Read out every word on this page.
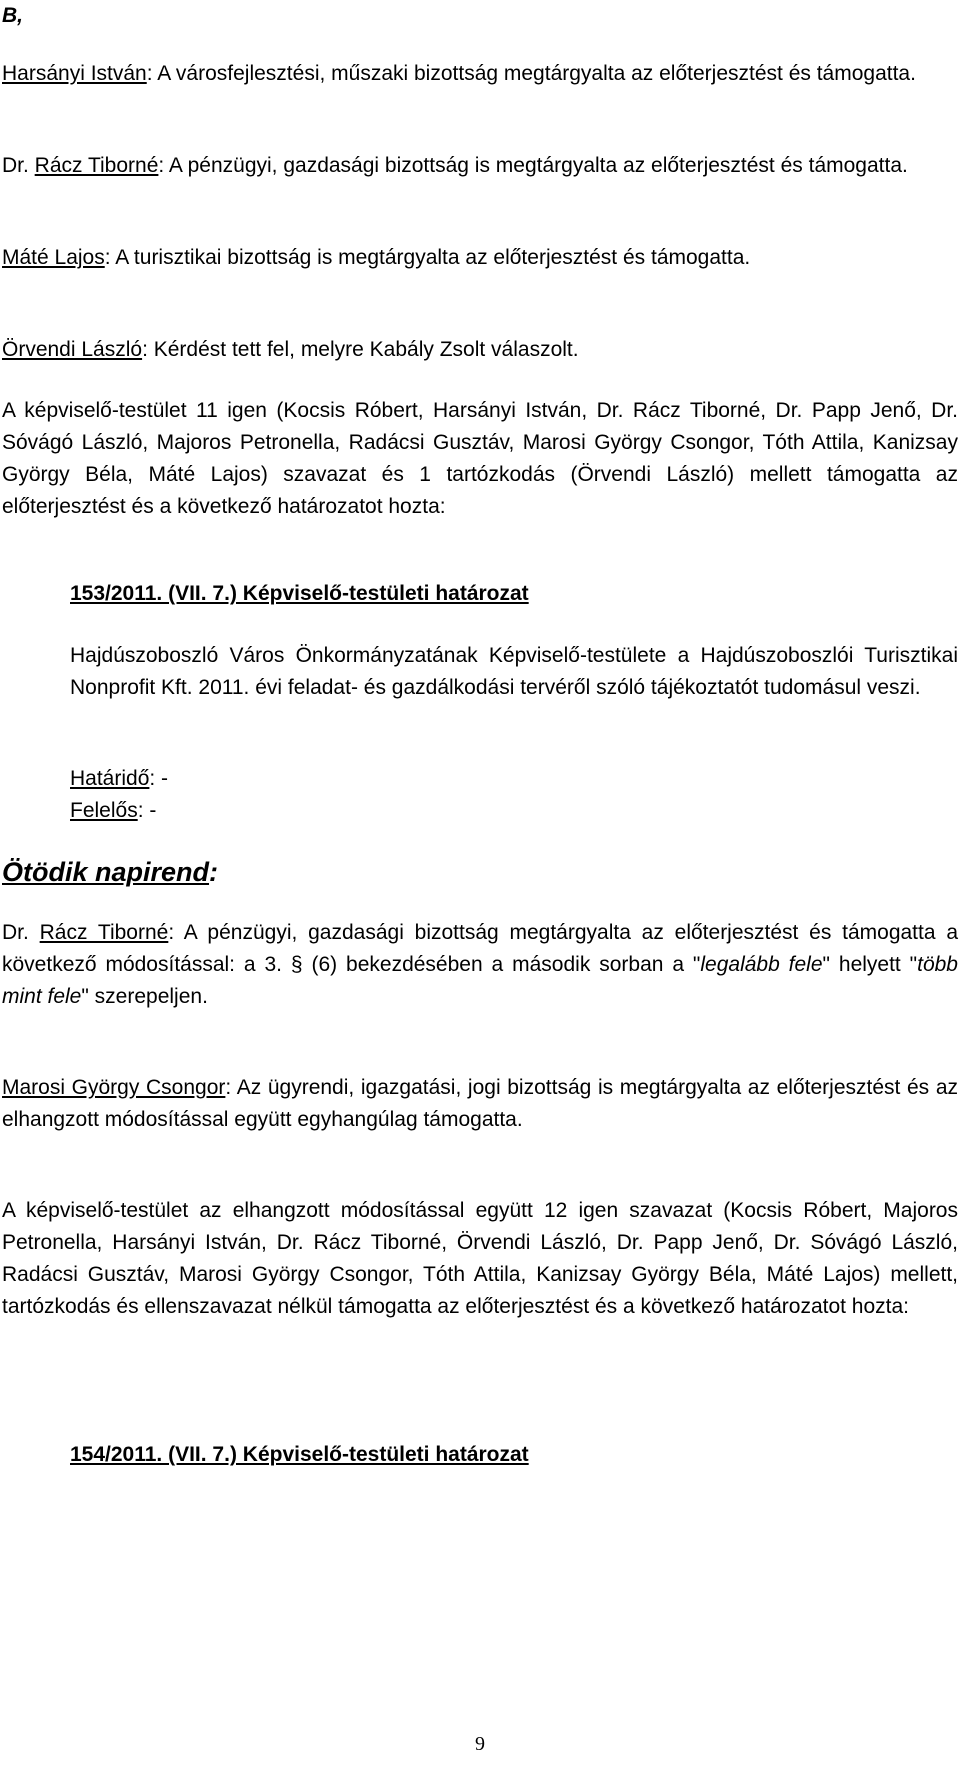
B,

Harsányi István: A városfejlesztési, műszaki bizottság megtárgyalta az előterjesztést és támogatta.

Dr. Rácz Tiborné: A pénzügyi, gazdasági bizottság is megtárgyalta az előterjesztést és támogatta.

Máté Lajos: A turisztikai bizottság is megtárgyalta az előterjesztést és támogatta.

Örvendi László: Kérdést tett fel, melyre Kabály Zsolt válaszolt.

A képviselő-testület 11 igen (Kocsis Róbert, Harsányi István, Dr. Rácz Tiborné, Dr. Papp Jenő, Dr. Sóvágó László, Majoros Petronella, Radácsi Gusztáv, Marosi György Csongor, Tóth Attila, Kanizsay György Béla, Máté Lajos) szavazat és 1 tartózkodás (Örvendi László) mellett támogatta az előterjesztést és a következő határozatot hozta:

153/2011. (VII. 7.) Képviselő-testületi határozat

Hajdúszoboszló Város Önkormányzatának Képviselő-testülete a Hajdúszoboszlói Turisztikai Nonprofit Kft. 2011. évi feladat- és gazdálkodási tervéről szóló tájékoztatót tudomásul veszi.

Határidő: -

Felelős: -

Ötödik napirend:

Dr. Rácz Tiborné: A pénzügyi, gazdasági bizottság megtárgyalta az előterjesztést és támogatta a következő módosítással: a 3. § (6) bekezdésében a második sorban a "legalább fele" helyett "több mint fele" szerepeljen.

Marosi György Csongor: Az ügyrendi, igazgatási, jogi bizottság is megtárgyalta az előterjesztést és az elhangzott módosítással együtt egyhangúlag támogatta.

A képviselő-testület az elhangzott módosítással együtt 12 igen szavazat (Kocsis Róbert, Majoros Petronella, Harsányi István, Dr. Rácz Tiborné, Örvendi László, Dr. Papp Jenő, Dr. Sóvágó László, Radácsi Gusztáv, Marosi György Csongor, Tóth Attila, Kanizsay György Béla, Máté Lajos) mellett, tartózkodás és ellenszavazat nélkül támogatta az előterjesztést és a következő határozatot hozta:

154/2011. (VII. 7.) Képviselő-testületi határozat

9
